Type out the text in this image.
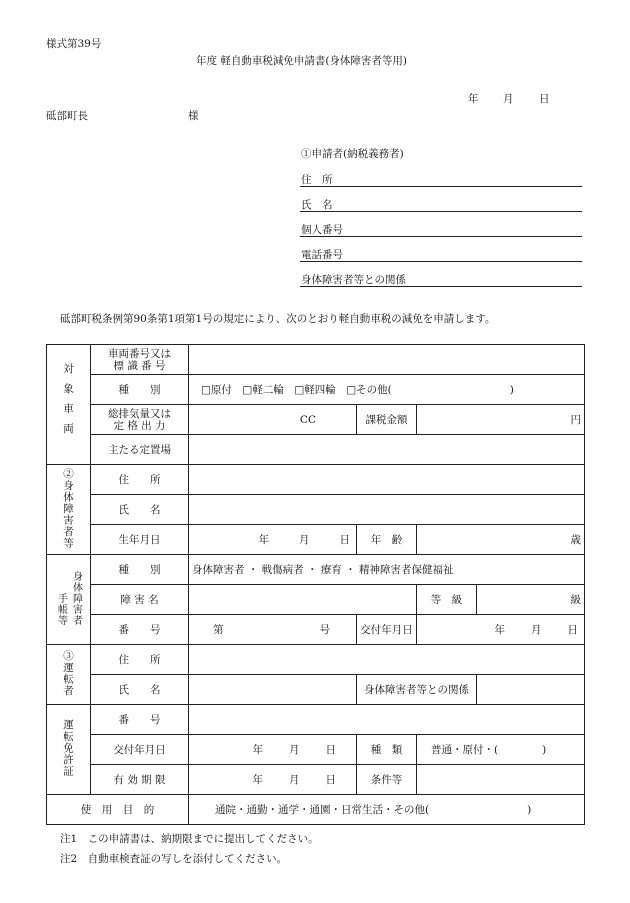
様式第39号
年度 軽自動車税減免申請書(身体障害者等用)
年 月 日
砥部町長	様
①申請者(納税義務者)
住　所
氏　名
個人番号
電話番号
身体障害者等との関係
砥部町税条例第90条第1項第1号の規定により、次のとおり軽自動車税の減免を申請します。
対象車両	車両番号又は
標 識 番 号				

	種　　別	□原付　□軽二輪　□軽四輪　□その他( )			

	総排気量又は
定 格 出 力	CC	課税金額	円	
	主たる定置場				
②身体障害者等	住　　所				
	氏　　名				
	生年月日	年 月 日	年　齢	歳	
手帳等 身体障害者	種　　別	身体障害者 ・ 戦傷病者 ・ 療育 ・ 精神障害者保健福祉			
	障 害 名			等　級	級
	番　　号	第 号	交付年月日	年 月 日	
③運転者	住　　所				
	氏　　名		身体障害者等との関係		
運転免許証	番　　号				
	交付年月日	年 月 日	種　類	普通・原付・( )	
	有 効 期 限	年 月 日	条件等		
使　用　目　的		通院・通勤・通学・通園・日常生活・その他( )			
注1　この申請書は、納期限までに提出してください。
注2　自動車検査証の写しを添付してください。
